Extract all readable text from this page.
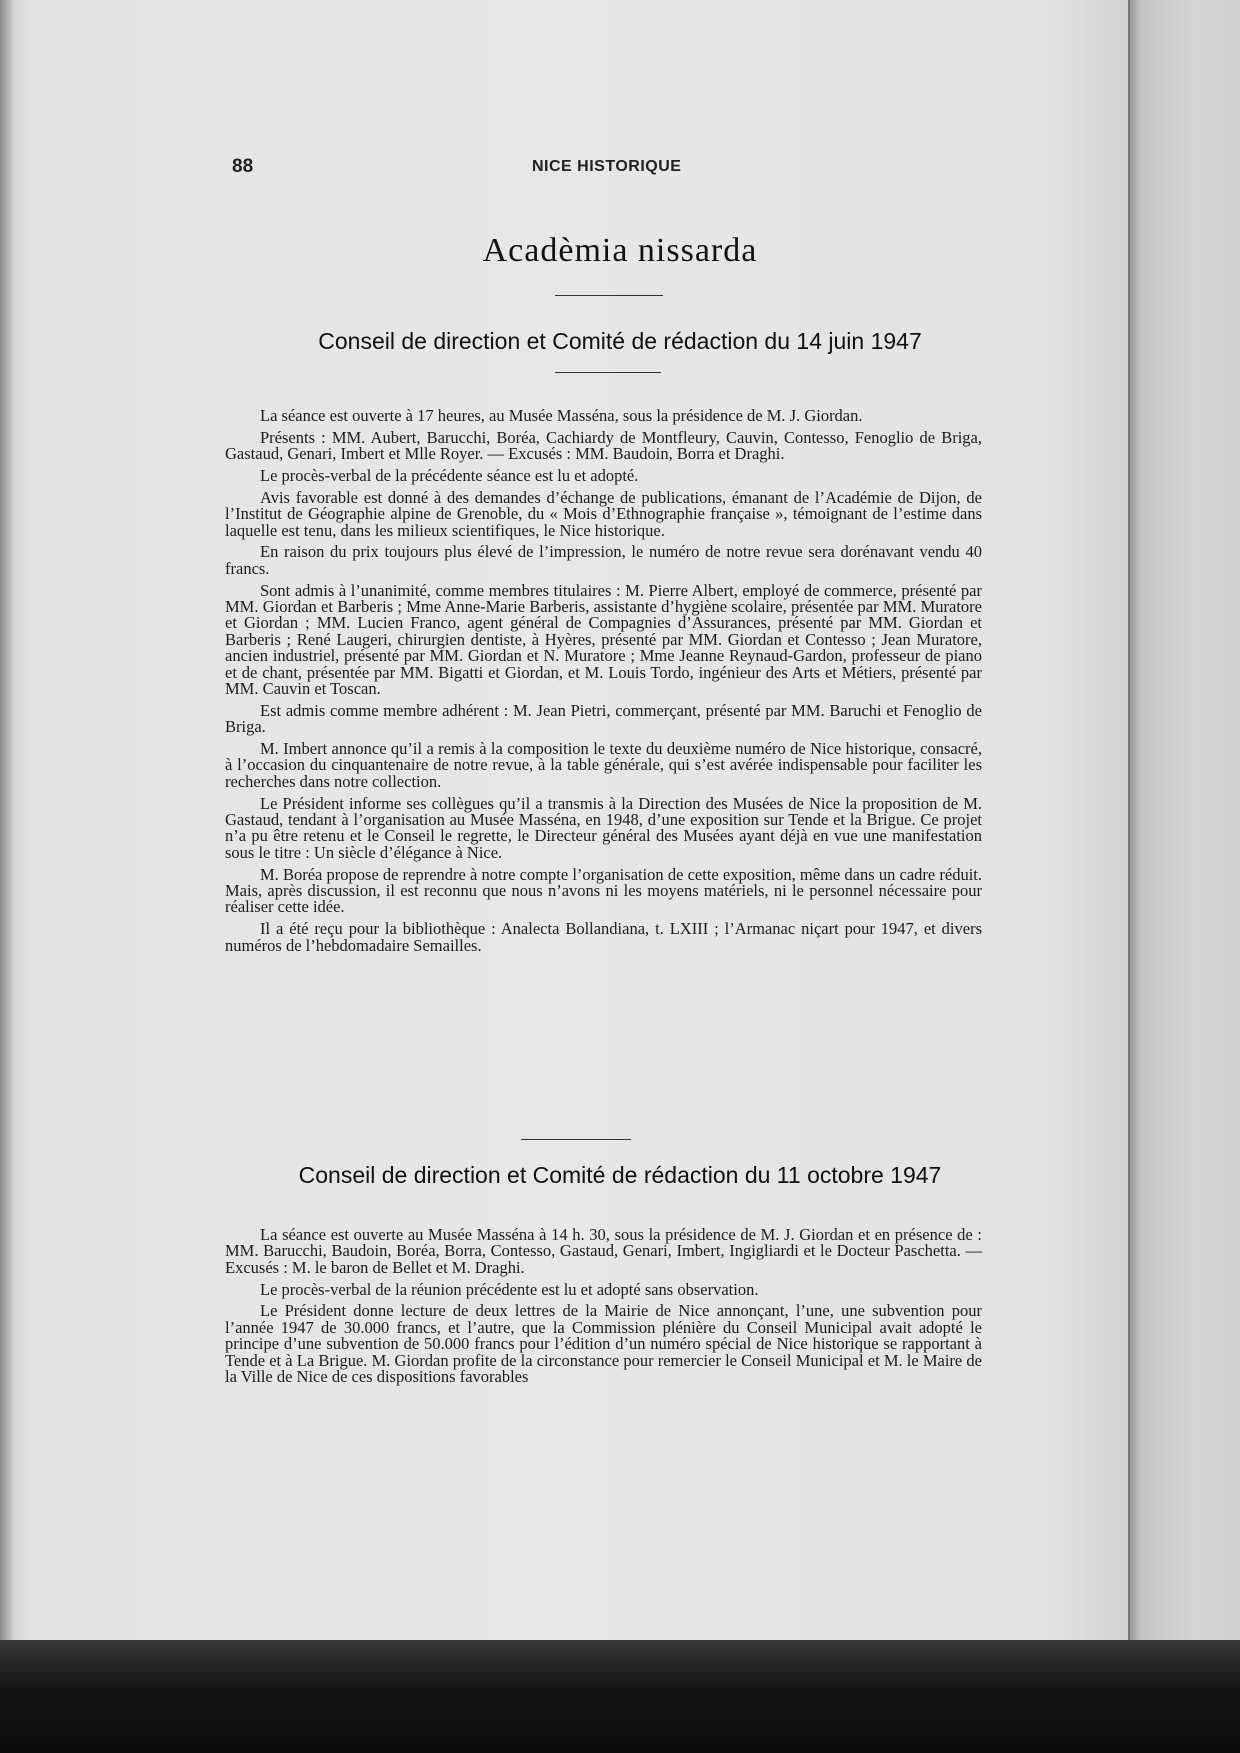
88	NICE HISTORIQUE
Acadèmia nissarda
Conseil de direction et Comité de rédaction du 14 juin 1947

La séance est ouverte à 17 heures, au Musée Masséna, sous la présidence de M. J. Giordan.

Présents : MM. Aubert, Barucchi, Boréa, Cachiardy de Montfleury, Cauvin, Contesso, Fenoglio de Briga, Gastaud, Genari, Imbert et Mlle Royer. — Excusés : MM. Baudoin, Borra et Draghi.

Le procès-verbal de la précédente séance est lu et adopté.

Avis favorable est donné à des demandes d’échange de publications, émanant de l’Académie de Dijon, de l’Institut de Géographie alpine de Grenoble, du « Mois d’Ethnographie française », témoignant de l’estime dans laquelle est tenu, dans les milieux scientifiques, le Nice historique.

En raison du prix toujours plus élevé de l’impression, le numéro de notre revue sera dorénavant vendu 40 francs.

Sont admis à l’unanimité, comme membres titulaires : M. Pierre Albert, employé de commerce, présenté par MM. Giordan et Barberis ; Mme Anne-Marie Barberis, assistante d’hygiène scolaire, présentée par MM. Muratore et Giordan ; MM. Lucien Franco, agent général de Compagnies d’Assurances, présenté par MM. Giordan et Barberis ; René Laugeri, chirurgien dentiste, à Hyères, présenté par MM. Giordan et Contesso ; Jean Muratore, ancien industriel, présenté par MM. Giordan et N. Muratore ; Mme Jeanne Reynaud-Gardon, professeur de piano et de chant, présentée par MM. Bigatti et Giordan, et M. Louis Tordo, ingénieur des Arts et Métiers, présenté par MM. Cauvin et Toscan.

Est admis comme membre adhérent : M. Jean Pietri, commerçant, présenté par MM. Baruchi et Fenoglio de Briga.

M. Imbert annonce qu’il a remis à la composition le texte du deuxième numéro de Nice historique, consacré, à l’occasion du cinquantenaire de notre revue, à la table générale, qui s’est avérée indispensable pour faciliter les recherches dans notre collection.

Le Président informe ses collègues qu’il a transmis à la Direction des Musées de Nice la proposition de M. Gastaud, tendant à l’organisation au Musée Masséna, en 1948, d’une exposition sur Tende et la Brigue. Ce projet n’a pu être retenu et le Conseil le regrette, le Directeur général des Musées ayant déjà en vue une manifestation sous le titre : Un siècle d’élégance à Nice.

M. Boréa propose de reprendre à notre compte l’organisation de cette exposition, même dans un cadre réduit. Mais, après discussion, il est reconnu que nous n’avons ni les moyens matériels, ni le personnel nécessaire pour réaliser cette idée.

Il a été reçu pour la bibliothèque : Analecta Bollandiana, t. LXIII ; l’Armanac niçart pour 1947, et divers numéros de l’hebdomadaire Semailles.

Conseil de direction et Comité de rédaction du 11 octobre 1947

La séance est ouverte au Musée Masséna à 14 h. 30, sous la présidence de M. J. Giordan et en présence de : MM. Barucchi, Baudoin, Boréa, Borra, Contesso, Gastaud, Genari, Imbert, Ingigliardi et le Docteur Paschetta. — Excusés : M. le baron de Bellet et M. Draghi.

Le procès-verbal de la réunion précédente est lu et adopté sans observation.

Le Président donne lecture de deux lettres de la Mairie de Nice annonçant, l’une, une subvention pour l’année 1947 de 30.000 francs, et l’autre, que la Commission plénière du Conseil Municipal avait adopté le principe d’une subvention de 50.000 francs pour l’édition d’un numéro spécial de Nice historique se rapportant à Tende et à La Brigue. M. Giordan profite de la circonstance pour remercier le Conseil Municipal et M. le Maire de la Ville de Nice de ces dispositions favorables
